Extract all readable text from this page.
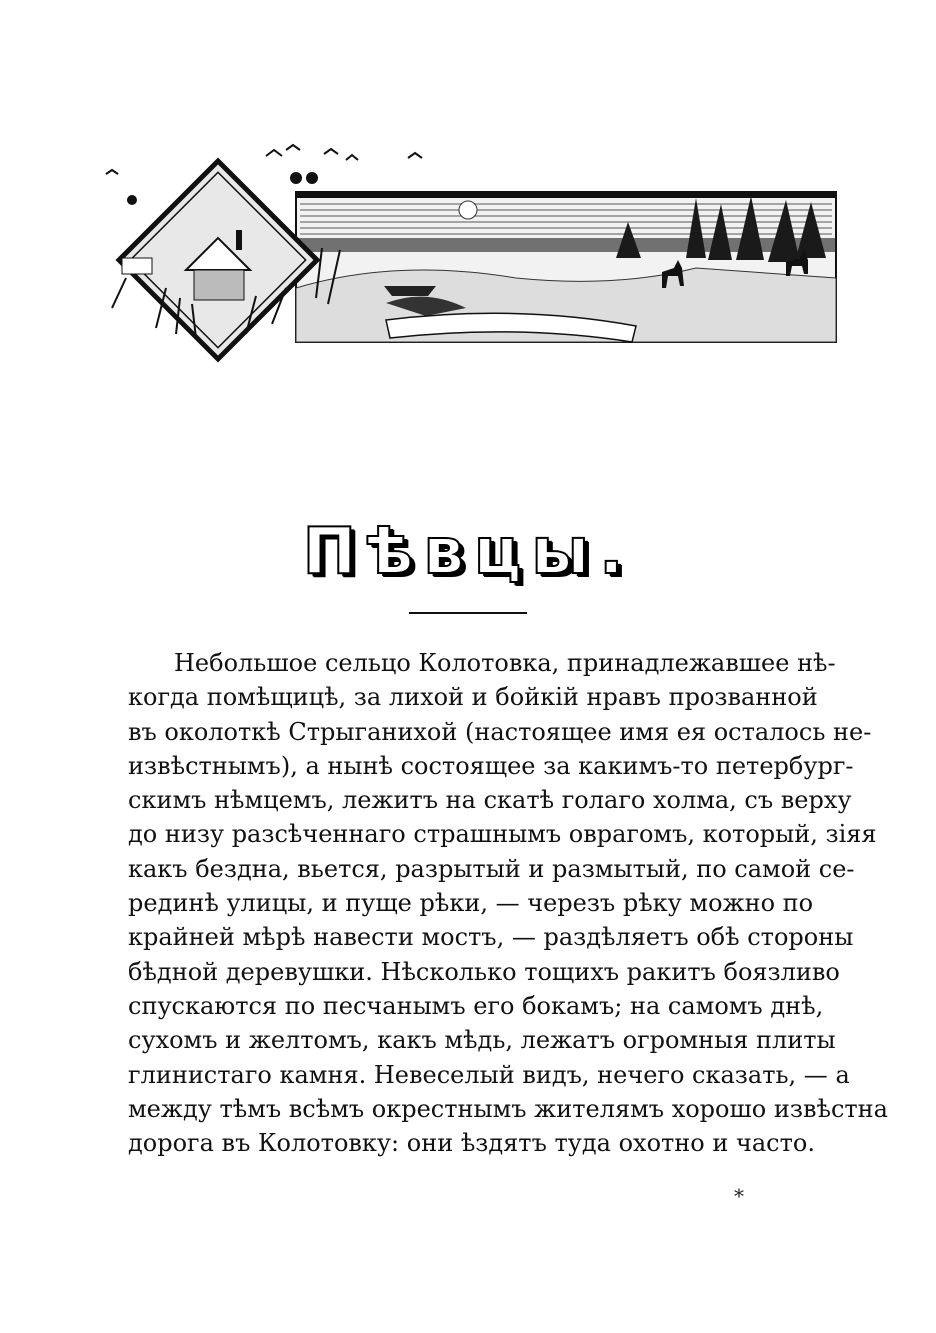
Пѣвцы.
Небольшое сельцо Колотовка, принадлежавшее нѣ-
когда помѣщицѣ, за лихой и бойкій нравъ прозванной
въ околоткѣ Стрыганихой (настоящее имя ея осталось не-
извѣстнымъ), а нынѣ состоящее за какимъ-то петербург-
скимъ нѣмцемъ, лежитъ на скатѣ голаго холма, съ верху
до низу разсѣченнаго страшнымъ оврагомъ, который, зіяя
какъ бездна, вьется, разрытый и размытый, по самой се-
рединѣ улицы, и пуще рѣки, — черезъ рѣку можно по
крайней мѣрѣ навести мостъ, — раздѣляетъ обѣ стороны
бѣдной деревушки. Нѣсколько тощихъ ракитъ боязливо
спускаются по песчанымъ его бокамъ; на самомъ днѣ,
сухомъ и желтомъ, какъ мѣдь, лежатъ огромныя плиты
глинистаго камня. Невеселый видъ, нечего сказать, — а
между тѣмъ всѣмъ окрестнымъ жителямъ хорошо извѣстна
дорога въ Колотовку: они ѣздятъ туда охотно и часто.
*
